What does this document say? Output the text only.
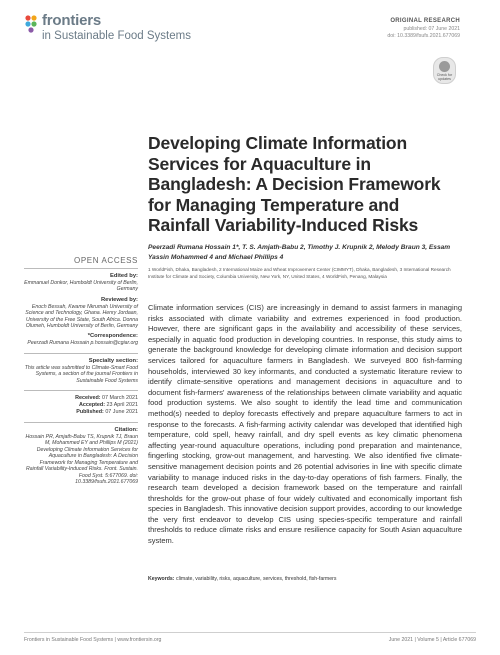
frontiers
in Sustainable Food Systems
ORIGINAL RESEARCH
published: 07 June 2021
doi: 10.3389/fsufs.2021.677069
Check for updates
Developing Climate Information Services for Aquaculture in Bangladesh: A Decision Framework for Managing Temperature and Rainfall Variability-Induced Risks
Peerzadi Rumana Hossain 1*, T. S. Amjath-Babu 2, Timothy J. Krupnik 2, Melody Braun 3, Essam Yassin Mohammed 4 and Michael Phillips 4
1 WorldFish, Dhaka, Bangladesh, 2 International Maize and Wheat Improvement Center (CIMMYT), Dhaka, Bangladesh, 3 International Research Institute for Climate and Society, Columbia University, New York, NY, United States, 4 WorldFish, Penang, Malaysia
OPEN ACCESS
Edited by:
Emmanuel Donkor, Humboldt University of Berlin, Germany
Reviewed by:
Enoch Bessah, Kwame Nkrumah University of Science and Technology, Ghana. Henry Jordaan, University of the Free State, South Africa. Donna Olumeh, Humboldt University of Berlin, Germany
*Correspondence:
Peerzadi Rumana Hossain p.hossain@cgiar.org
Specialty section:
This article was submitted to Climate-Smart Food Systems, a section of the journal Frontiers in Sustainable Food Systems
Received: 07 March 2021
Accepted: 23 April 2021
Published: 07 June 2021
Citation:
Hossain PR, Amjath-Babu TS, Krupnik TJ, Braun M, Mohammed EY and Phillips M (2021) Developing Climate Information Services for Aquaculture in Bangladesh: A Decision Framework for Managing Temperature and Rainfall Variability-Induced Risks. Front. Sustain. Food Syst. 5:677069. doi: 10.3389/fsufs.2021.677069
Climate information services (CIS) are increasingly in demand to assist farmers in managing risks associated with climate variability and extremes experienced in food production. However, there are significant gaps in the availability and accessibility of these services, especially in aquatic food production in developing countries. In response, this study aims to generate the background knowledge for developing climate information and decision support services tailored for aquaculture farmers in Bangladesh. We surveyed 800 fish-farming households, interviewed 30 key informants, and conducted a systematic literature review to identify climate-sensitive operations and management decisions in aquaculture and to document fish-farmers' awareness of the relationships between climate variability and aquatic food production systems. We also sought to identify the lead time and communication method(s) needed to deploy forecasts effectively and prepare aquaculture farmers to act in response to the forecasts. A fish-farming activity calendar was developed that identified high temperature, cold spell, heavy rainfall, and dry spell events as key climatic phenomena affecting year-round aquaculture operations, including pond preparation and maintenance, fingerling stocking, grow-out management, and harvesting. We also identified five climate-sensitive management decision points and 26 potential advisories in line with specific climate variability to manage induced risks in the day-to-day operations of fish farmers. Finally, the research team developed a decision framework based on the temperature and rainfall thresholds for the grow-out phase of four widely cultivated and economically important fish species in Bangladesh. This innovative decision support provides, according to our knowledge the very first endeavor to develop CIS using species-specific temperature and rainfall thresholds to reduce climate risks and ensure resilience capacity for South Asian aquaculture system.
Keywords: climate, variability, risks, aquaculture, services, threshold, fish-farmers
Frontiers in Sustainable Food Systems | www.frontiersin.org	June 2021 | Volume 5 | Article 677069
